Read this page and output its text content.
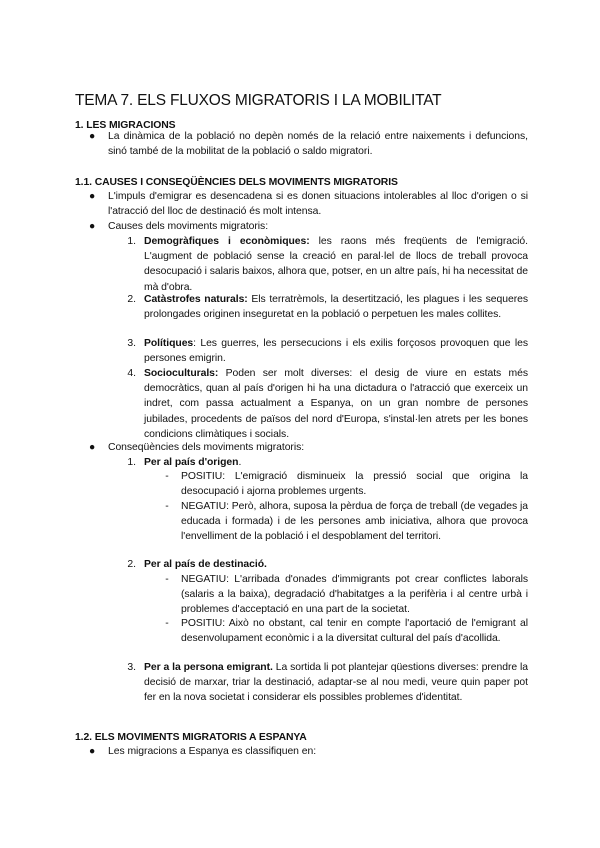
TEMA 7. ELS FLUXOS MIGRATORIS I LA MOBILITAT

1. LES MIGRACIONS

● La dinàmica de la població no depèn només de la relació entre naixements i defuncions, sinó també de la mobilitat de la població o saldo migratori.

1.1. CAUSES I CONSEQÜÈNCIES DELS MOVIMENTS MIGRATORIS

● L'impuls d'emigrar es desencadena si es donen situacions intolerables al lloc d'origen o si l'atracció del lloc de destinació és molt intensa.
● Causes dels moviments migratoris:
1. Demogràfiques i econòmiques: les raons més freqüents de l'emigració. L'augment de població sense la creació en paral·lel de llocs de treball provoca desocupació i salaris baixos, alhora que, potser, en un altre país, hi ha necessitat de mà d'obra.
2. Catàstrofes naturals: Els terratrèmols, la desertització, les plagues i les sequeres prolongades originen inseguretat en la població o perpetuen les males collites.
3. Polítiques: Les guerres, les persecucions i els exilis forçosos provoquen que les persones emigrin.
4. Socioculturals: Poden ser molt diverses: el desig de viure en estats més democràtics, quan al país d'origen hi ha una dictadura o l'atracció que exerceix un indret, com passa actualment a Espanya, on un gran nombre de persones jubilades, procedents de països del nord d'Europa, s'instal·len atrets per les bones condicions climàtiques i socials.
● Conseqüències dels moviments migratoris:
1. Per al país d'origen.
-	POSITIU: L'emigració disminueix la pressió social que origina la desocupació i ajorna problemes urgents.
-	NEGATIU: Però, alhora, suposa la pèrdua de força de treball (de vegades ja educada i formada) i de les persones amb iniciativa, alhora que provoca l'envelliment de la població i el despoblament del territori.
2. Per al país de destinació.
-	NEGATIU: L'arribada d'onades d'immigrants pot crear conflictes laborals (salaris a la baixa), degradació d'habitatges a la perifèria i al centre urbà i problemes d'acceptació en una part de la societat.
-	POSITIU: Això no obstant, cal tenir en compte l'aportació de l'emigrant al desenvolupament econòmic i a la diversitat cultural del país d'acollida.
3. Per a la persona emigrant. La sortida li pot plantejar qüestions diverses: prendre la decisió de marxar, triar la destinació, adaptar-se al nou medi, veure quin paper pot fer en la nova societat i considerar els possibles problemes d'identitat.

1.2. ELS MOVIMENTS MIGRATORIS A ESPANYA

● Les migracions a Espanya es classifiquen en:
